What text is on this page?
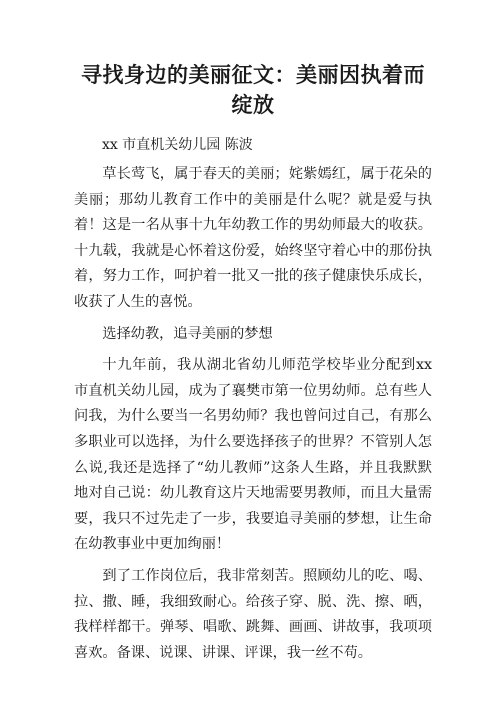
寻找身边的美丽征文：美丽因执着而绽放

xx 市直机关幼儿园 陈波

草长莺飞，属于春天的美丽；姹紫嫣红，属于花朵的美丽；那幼儿教育工作中的美丽是什么呢？就是爱与执着！这是一名从事十九年幼教工作的男幼师最大的收获。十九载，我就是心怀着这份爱，始终坚守着心中的那份执着，努力工作，呵护着一批又一批的孩子健康快乐成长，收获了人生的喜悦。

选择幼教，追寻美丽的梦想

十九年前，我从湖北省幼儿师范学校毕业分配到xx 市直机关幼儿园，成为了襄樊市第一位男幼师。总有些人问我，为什么要当一名男幼师？我也曾问过自己，有那么多职业可以选择，为什么要选择孩子的世界？不管别人怎么说,我还是选择了“幼儿教师”这条人生路，并且我默默地对自己说：幼儿教育这片天地需要男教师，而且大量需要，我只不过先走了一步，我要追寻美丽的梦想，让生命在幼教事业中更加绚丽！

到了工作岗位后，我非常刻苦。照顾幼儿的吃、喝、拉、撒、睡，我细致耐心。给孩子穿、脱、洗、擦、晒，我样样都干。弹琴、唱歌、跳舞、画画、讲故事，我项项喜欢。备课、说课、讲课、评课，我一丝不苟。
